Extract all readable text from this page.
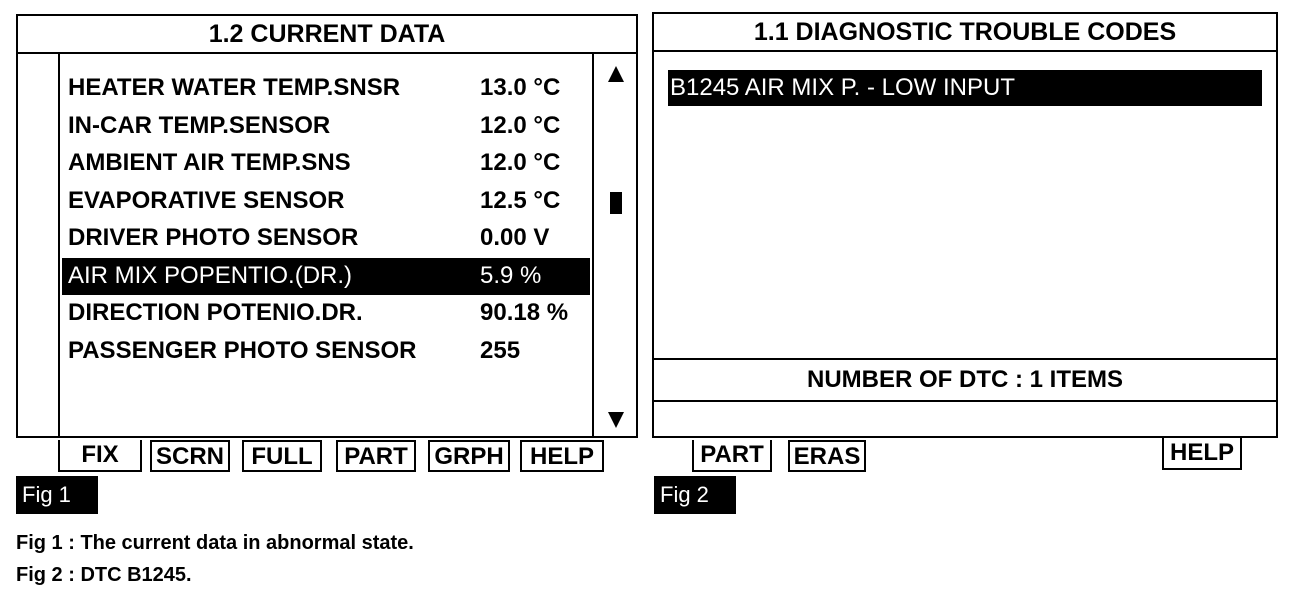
1.2 CURRENT DATA
HEATER WATER TEMP.SNSR	13.0 °C
IN-CAR TEMP.SENSOR	12.0 °C
AMBIENT AIR TEMP.SNS	12.0 °C
EVAPORATIVE SENSOR	12.5 °C
DRIVER PHOTO SENSOR	0.00 V
AIR MIX POPENTIO.(DR.)	5.9 %
DIRECTION POTENIO.DR.	90.18 %
PASSENGER PHOTO SENSOR	255
FIX	SCRN	FULL	PART	GRPH	HELP
Fig 1
1.1 DIAGNOSTIC TROUBLE CODES
B1245 AIR MIX P. - LOW INPUT
NUMBER OF DTC : 1 ITEMS
PART	ERAS	HELP
Fig 2
Fig 1 : The current data in abnormal state.
Fig 2 : DTC B1245.
